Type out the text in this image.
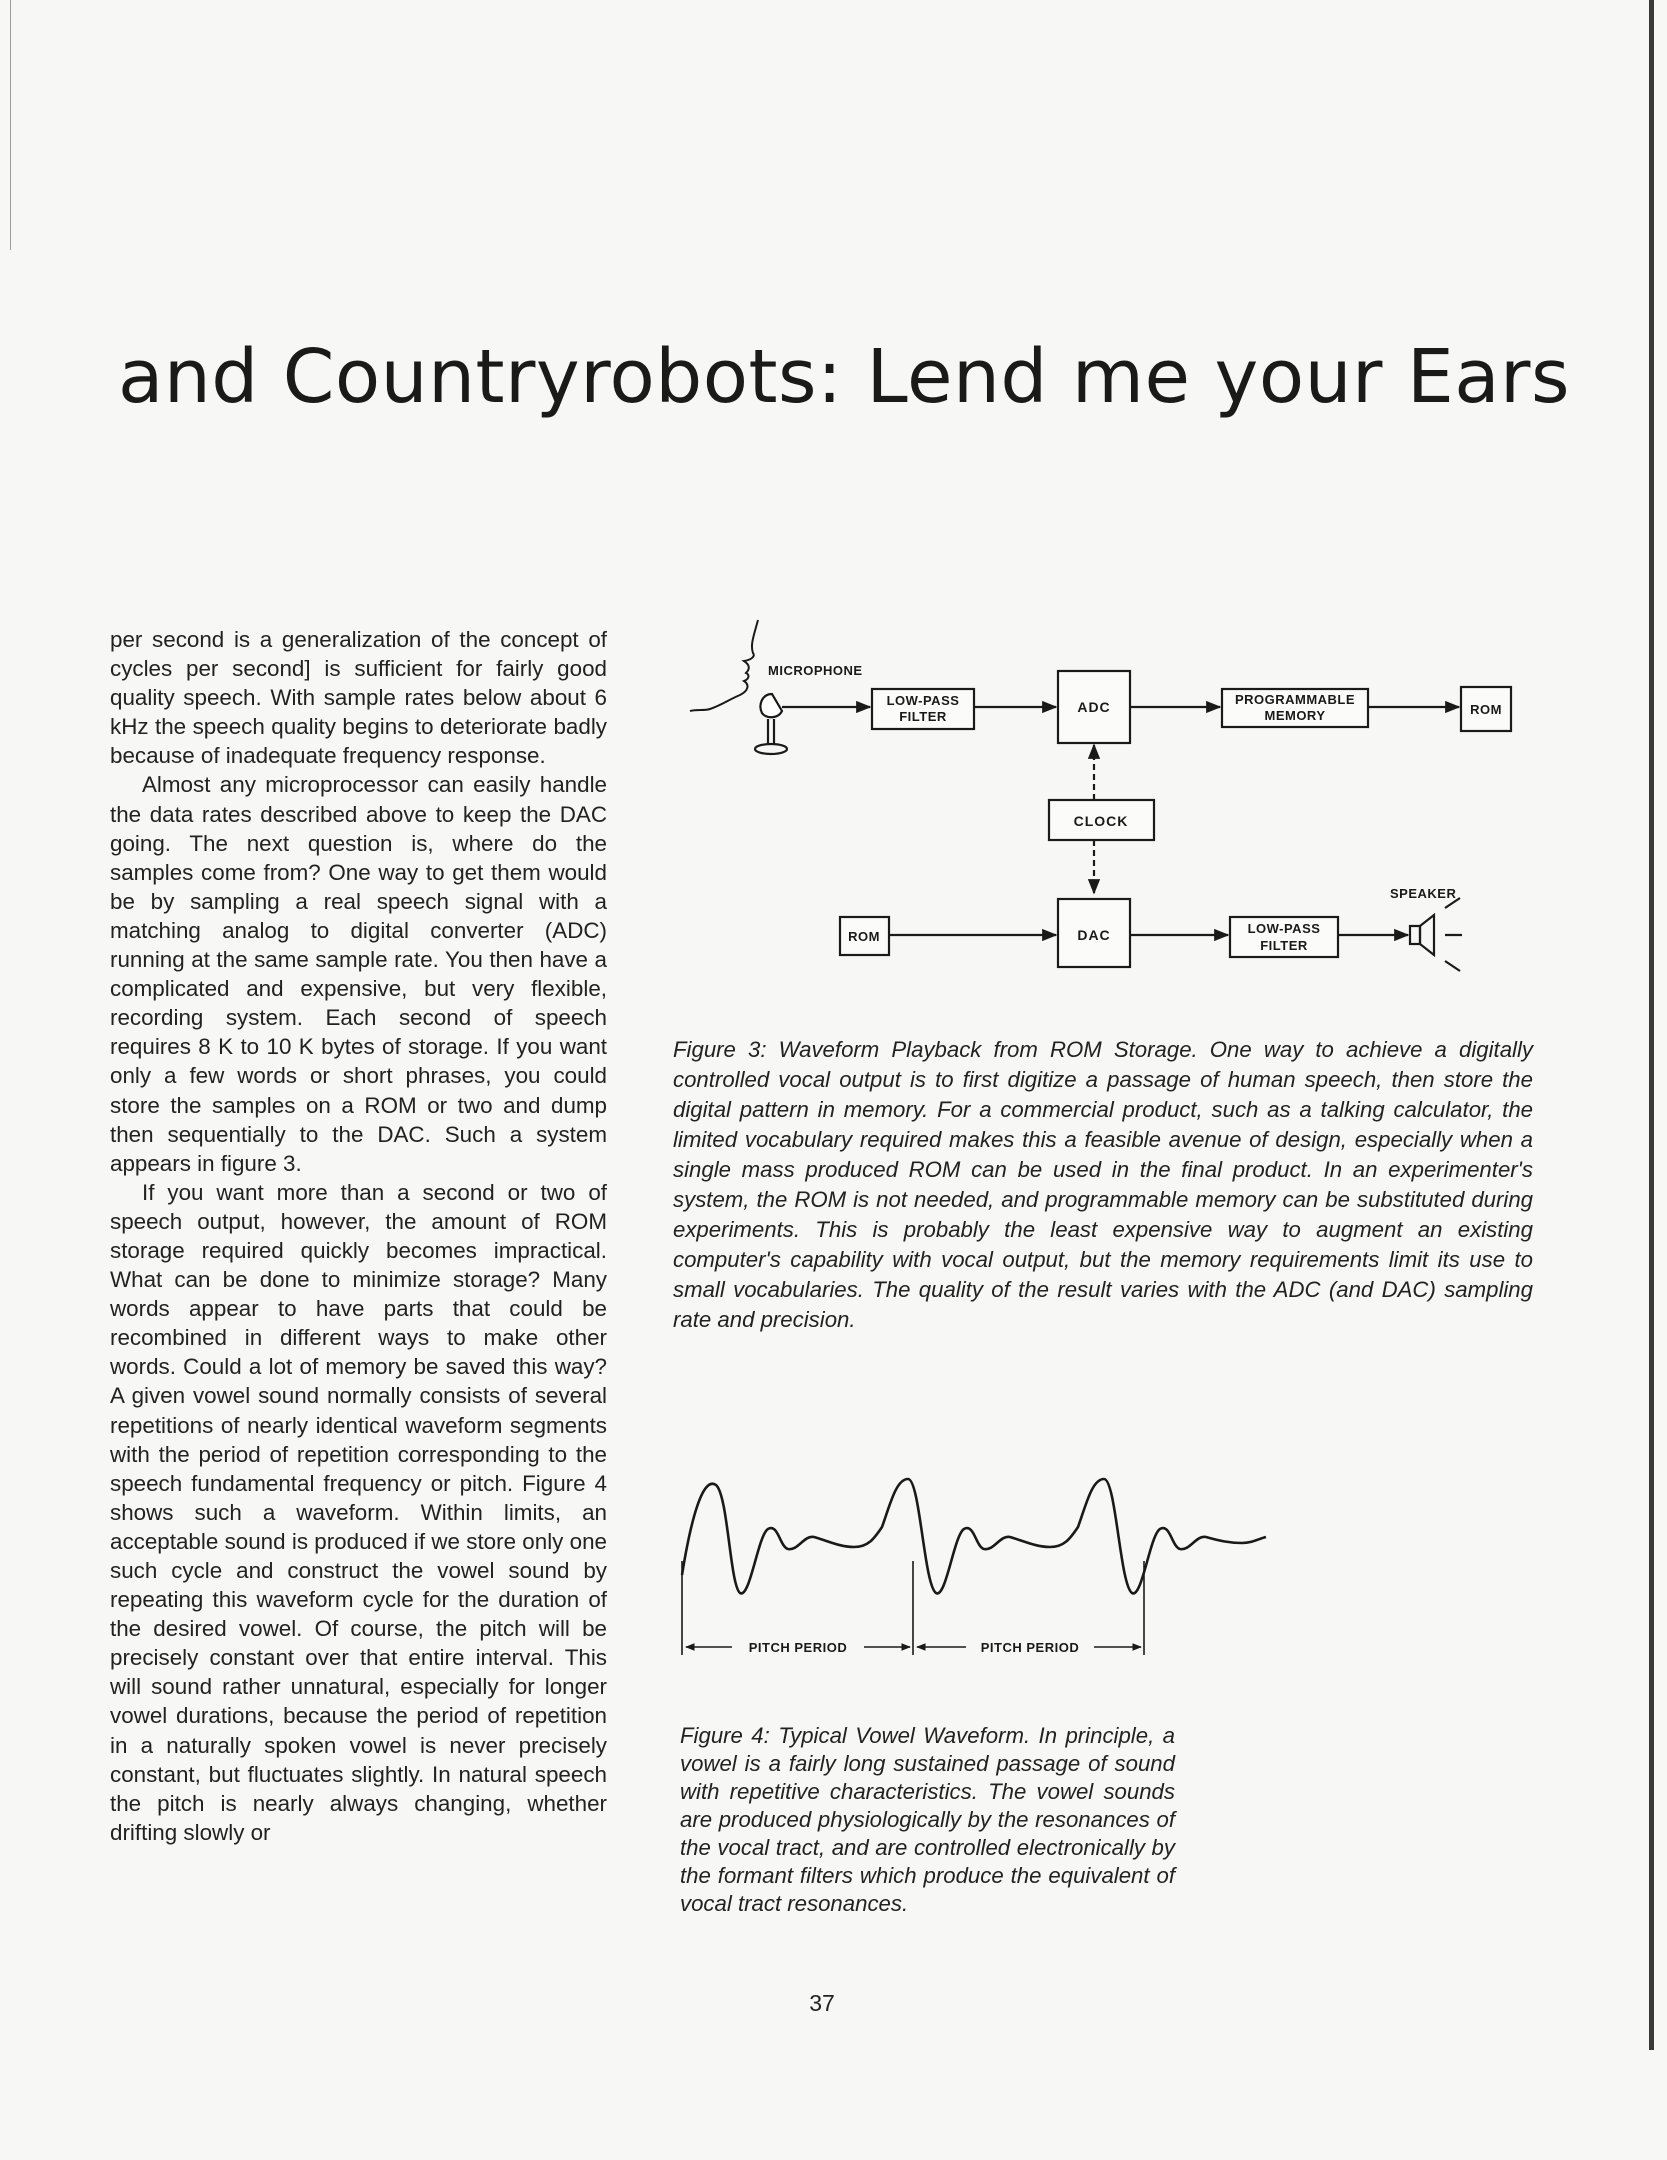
and Countryrobots: Lend me your Ears

per second is a generalization of the concept of cycles per second] is sufficient for fairly good quality speech. With sample rates below about 6 kHz the speech quality begins to deteriorate badly because of inadequate frequency response.

Almost any microprocessor can easily handle the data rates described above to keep the DAC going. The next question is, where do the samples come from? One way to get them would be by sampling a real speech signal with a matching analog to digital converter (ADC) running at the same sample rate. You then have a complicated and expensive, but very flexible, recording system. Each second of speech requires 8 K to 10 K bytes of storage. If you want only a few words or short phrases, you could store the samples on a ROM or two and dump then sequentially to the DAC. Such a system appears in figure 3.

If you want more than a second or two of speech output, however, the amount of ROM storage required quickly becomes impractical. What can be done to minimize storage? Many words appear to have parts that could be recombined in different ways to make other words. Could a lot of memory be saved this way? A given vowel sound normally consists of several repetitions of nearly identical waveform segments with the period of repetition corresponding to the speech fundamental frequency or pitch. Figure 4 shows such a waveform. Within limits, an acceptable sound is produced if we store only one such cycle and construct the vowel sound by repeating this waveform cycle for the duration of the desired vowel. Of course, the pitch will be precisely constant over that entire interval. This will sound rather unnatural, especially for longer vowel durations, because the period of repetition in a naturally spoken vowel is never precisely constant, but fluctuates slightly. In natural speech the pitch is nearly always changing, whether drifting slowly or

MICROPHONE
LOW-PASS
FILTER
ADC	PROGRAMMABLE
MEMORY	ROM
CLOCK
SPEAKER
ROM	DAC	LOW-PASS
FILTER
Figure 3: Waveform Playback from ROM Storage. One way to achieve a digitally controlled vocal output is to first digitize a passage of human speech, then store the digital pattern in memory. For a commercial product, such as a talking calculator, the limited vocabulary required makes this a feasible avenue of design, especially when a single mass produced ROM can be used in the final product. In an experimenter's system, the ROM is not needed, and programmable memory can be substituted during experiments. This is probably the least expensive way to augment an existing computer's capability with vocal output, but the memory requirements limit its use to small vocabularies. The quality of the result varies with the ADC (and DAC) sampling rate and precision.
PITCH PERIOD	PITCH PERIOD
Figure 4: Typical Vowel Waveform. In principle, a vowel is a fairly long sustained passage of sound with repetitive characteristics. The vowel sounds are produced physiologically by the resonances of the vocal tract, and are controlled electronically by the formant filters which produce the equivalent of vocal tract resonances.
37
